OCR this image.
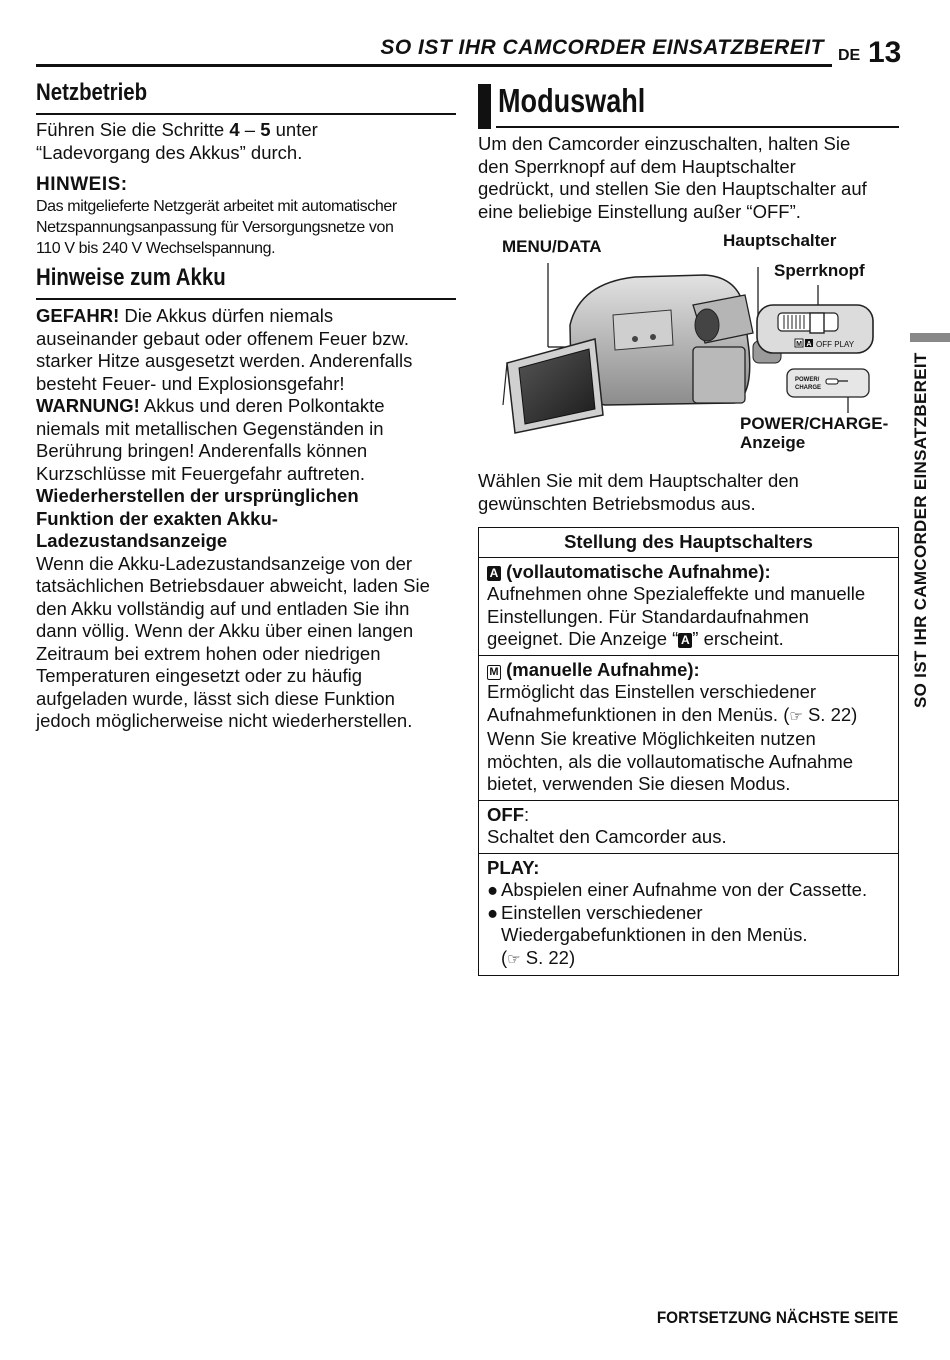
SO IST IHR CAMCORDER EINSATZBEREIT DE 13
SO IST IHR CAMCORDER EINSATZBEREIT
Netzbetrieb
Führen Sie die Schritte 4 – 5 unter
“Ladevorgang des Akkus” durch.
HINWEIS:
Das mitgelieferte Netzgerät arbeitet mit automatischer
Netzspannungsanpassung für Versorgungsnetze von
110 V bis 240 V Wechselspannung.
Hinweise zum Akku
GEFAHR! Die Akkus dürfen niemals
auseinander gebaut oder offenem Feuer bzw.
starker Hitze ausgesetzt werden. Anderenfalls
besteht Feuer- und Explosionsgefahr!
WARNUNG! Akkus und deren Polkontakte
niemals mit metallischen Gegenständen in
Berührung bringen! Anderenfalls können
Kurzschlüsse mit Feuergefahr auftreten.
Wiederherstellen der ursprünglichen
Funktion der exakten Akku-
Ladezustandsanzeige
Wenn die Akku-Ladezustandsanzeige von der
tatsächlichen Betriebsdauer abweicht, laden Sie
den Akku vollständig auf und entladen Sie ihn
dann völlig. Wenn der Akku über einen langen
Zeitraum bei extrem hohen oder niedrigen
Temperaturen eingesetzt oder zu häufig
aufgeladen wurde, lässt sich diese Funktion
jedoch möglicherweise nicht wiederherstellen.
Moduswahl
Um den Camcorder einzuschalten, halten Sie
den Sperrknopf auf dem Hauptschalter
gedrückt, und stellen Sie den Hauptschalter auf
eine beliebige Einstellung außer “OFF”.
MENU/DATA	Hauptschalter
Sperrknopf
POWER/CHARGE-
Anzeige
M A OFF PLAY
POWER/
CHARGE
Wählen Sie mit dem Hauptschalter den
gewünschten Betriebsmodus aus.
Stellung des Hauptschalters
A (vollautomatische Aufnahme):
Aufnehmen ohne Spezialeffekte und manuelle
Einstellungen. Für Standardaufnahmen
geeignet. Die Anzeige “ A ” erscheint.
M (manuelle Aufnahme):
Ermöglicht das Einstellen verschiedener
Aufnahmefunktionen in den Menüs. (☞ S. 22)
Wenn Sie kreative Möglichkeiten nutzen
möchten, als die vollautomatische Aufnahme
bietet, verwenden Sie diesen Modus.
OFF:
Schaltet den Camcorder aus.
PLAY:
● Abspielen einer Aufnahme von der Cassette.
● Einstellen verschiedener
Wiedergabefunktionen in den Menüs.
(☞ S. 22)
FORTSETZUNG NÄCHSTE SEITE
